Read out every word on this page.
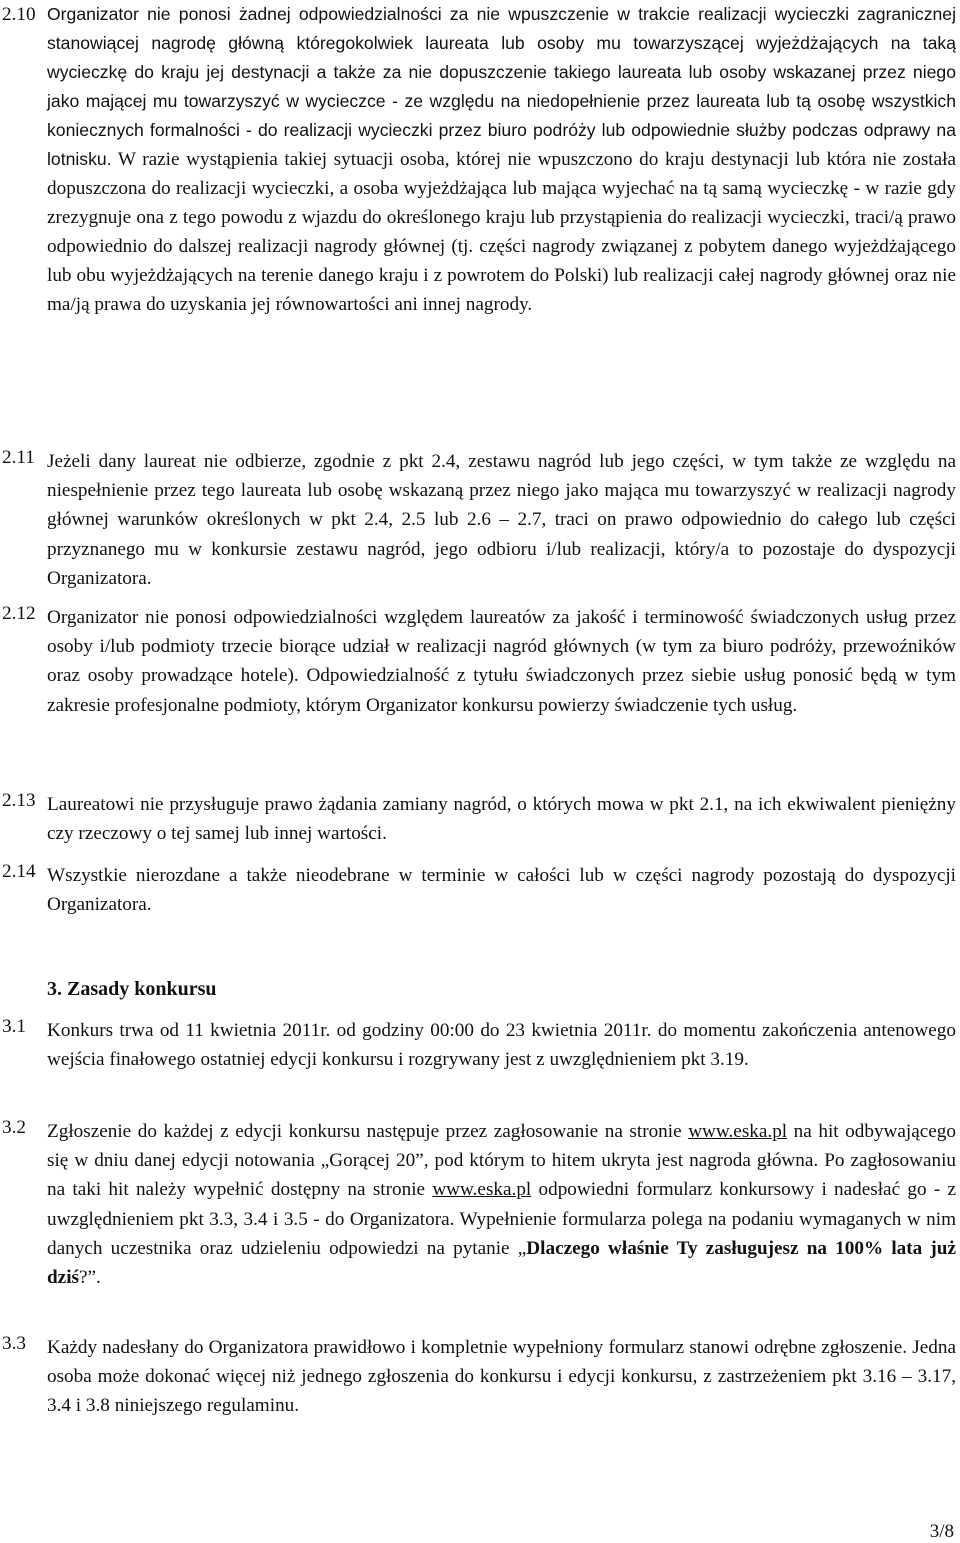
2.10 Organizator nie ponosi żadnej odpowiedzialności za nie wpuszczenie w trakcie realizacji wycieczki zagranicznej stanowiącej nagrodę główną któregokolwiek laureata lub osoby mu towarzyszącej wyjeżdżających na taką wycieczkę do kraju jej destynacji a także za nie dopuszczenie takiego laureata lub osoby wskazanej przez niego jako mającej mu towarzyszyć w wycieczce - ze względu na niedopełnienie przez laureata lub tą osobę wszystkich koniecznych formalności - do realizacji wycieczki przez biuro podróży lub odpowiednie służby podczas odprawy na lotnisku. W razie wystąpienia takiej sytuacji osoba, której nie wpuszczono do kraju destynacji lub która nie została dopuszczona do realizacji wycieczki, a osoba wyjeżdżająca lub mająca wyjechać na tą samą wycieczkę - w razie gdy zrezygnuje ona z tego powodu z wjazdu do określonego kraju lub przystąpienia do realizacji wycieczki, traci/ą prawo odpowiednio do dalszej realizacji nagrody głównej (tj. części nagrody związanej z pobytem danego wyjeżdżającego lub obu wyjeżdżających na terenie danego kraju i z powrotem do Polski) lub realizacji całej nagrody głównej oraz nie ma/ją prawa do uzyskania jej równowartości ani innej nagrody.
2.11 Jeżeli dany laureat nie odbierze, zgodnie z pkt 2.4, zestawu nagród lub jego części, w tym także ze względu na niespełnienie przez tego laureata lub osobę wskazaną przez niego jako mająca mu towarzyszyć w realizacji nagrody głównej warunków określonych w pkt 2.4, 2.5 lub 2.6 – 2.7, traci on prawo odpowiednio do całego lub części przyznanego mu w konkursie zestawu nagród, jego odbioru i/lub realizacji, który/a to pozostaje do dyspozycji Organizatora.
2.12 Organizator nie ponosi odpowiedzialności względem laureatów za jakość i terminowość świadczonych usług przez osoby i/lub podmioty trzecie biorące udział w realizacji nagród głównych (w tym za biuro podróży, przewoźników oraz osoby prowadzące hotele). Odpowiedzialność z tytułu świadczonych przez siebie usług ponosić będą w tym zakresie profesjonalne podmioty, którym Organizator konkursu powierzy świadczenie tych usług.
2.13 Laureatowi nie przysługuje prawo żądania zamiany nagród, o których mowa w pkt 2.1, na ich ekwiwalent pieniężny czy rzeczowy o tej samej lub innej wartości.
2.14 Wszystkie nierozdane a także nieodebrane w terminie w całości lub w części nagrody pozostają do dyspozycji Organizatora.
3. Zasady konkursu
3.1 Konkurs trwa od 11 kwietnia 2011r. od godziny 00:00 do 23 kwietnia 2011r. do momentu zakończenia antenowego wejścia finałowego ostatniej edycji konkursu i rozgrywany jest z uwzględnieniem pkt 3.19.
3.2 Zgłoszenie do każdej z edycji konkursu następuje przez zagłosowanie na stronie www.eska.pl na hit odbywającego się w dniu danej edycji notowania „Gorącej 20”, pod którym to hitem ukryta jest nagroda główna. Po zagłosowaniu na taki hit należy wypełnić dostępny na stronie www.eska.pl odpowiedni formularz konkursowy i nadesłać go - z uwzględnieniem pkt 3.3, 3.4 i 3.5 - do Organizatora. Wypełnienie formularza polega na podaniu wymaganych w nim danych uczestnika oraz udzieleniu odpowiedzi na pytanie „Dlaczego właśnie Ty zasługujesz na 100% lata już dziś?”.
3.3 Każdy nadesłany do Organizatora prawidłowo i kompletnie wypełniony formularz stanowi odrębne zgłoszenie. Jedna osoba może dokonać więcej niż jednego zgłoszenia do konkursu i edycji konkursu, z zastrzeżeniem pkt 3.16 – 3.17, 3.4 i 3.8 niniejszego regulaminu.
3/8
